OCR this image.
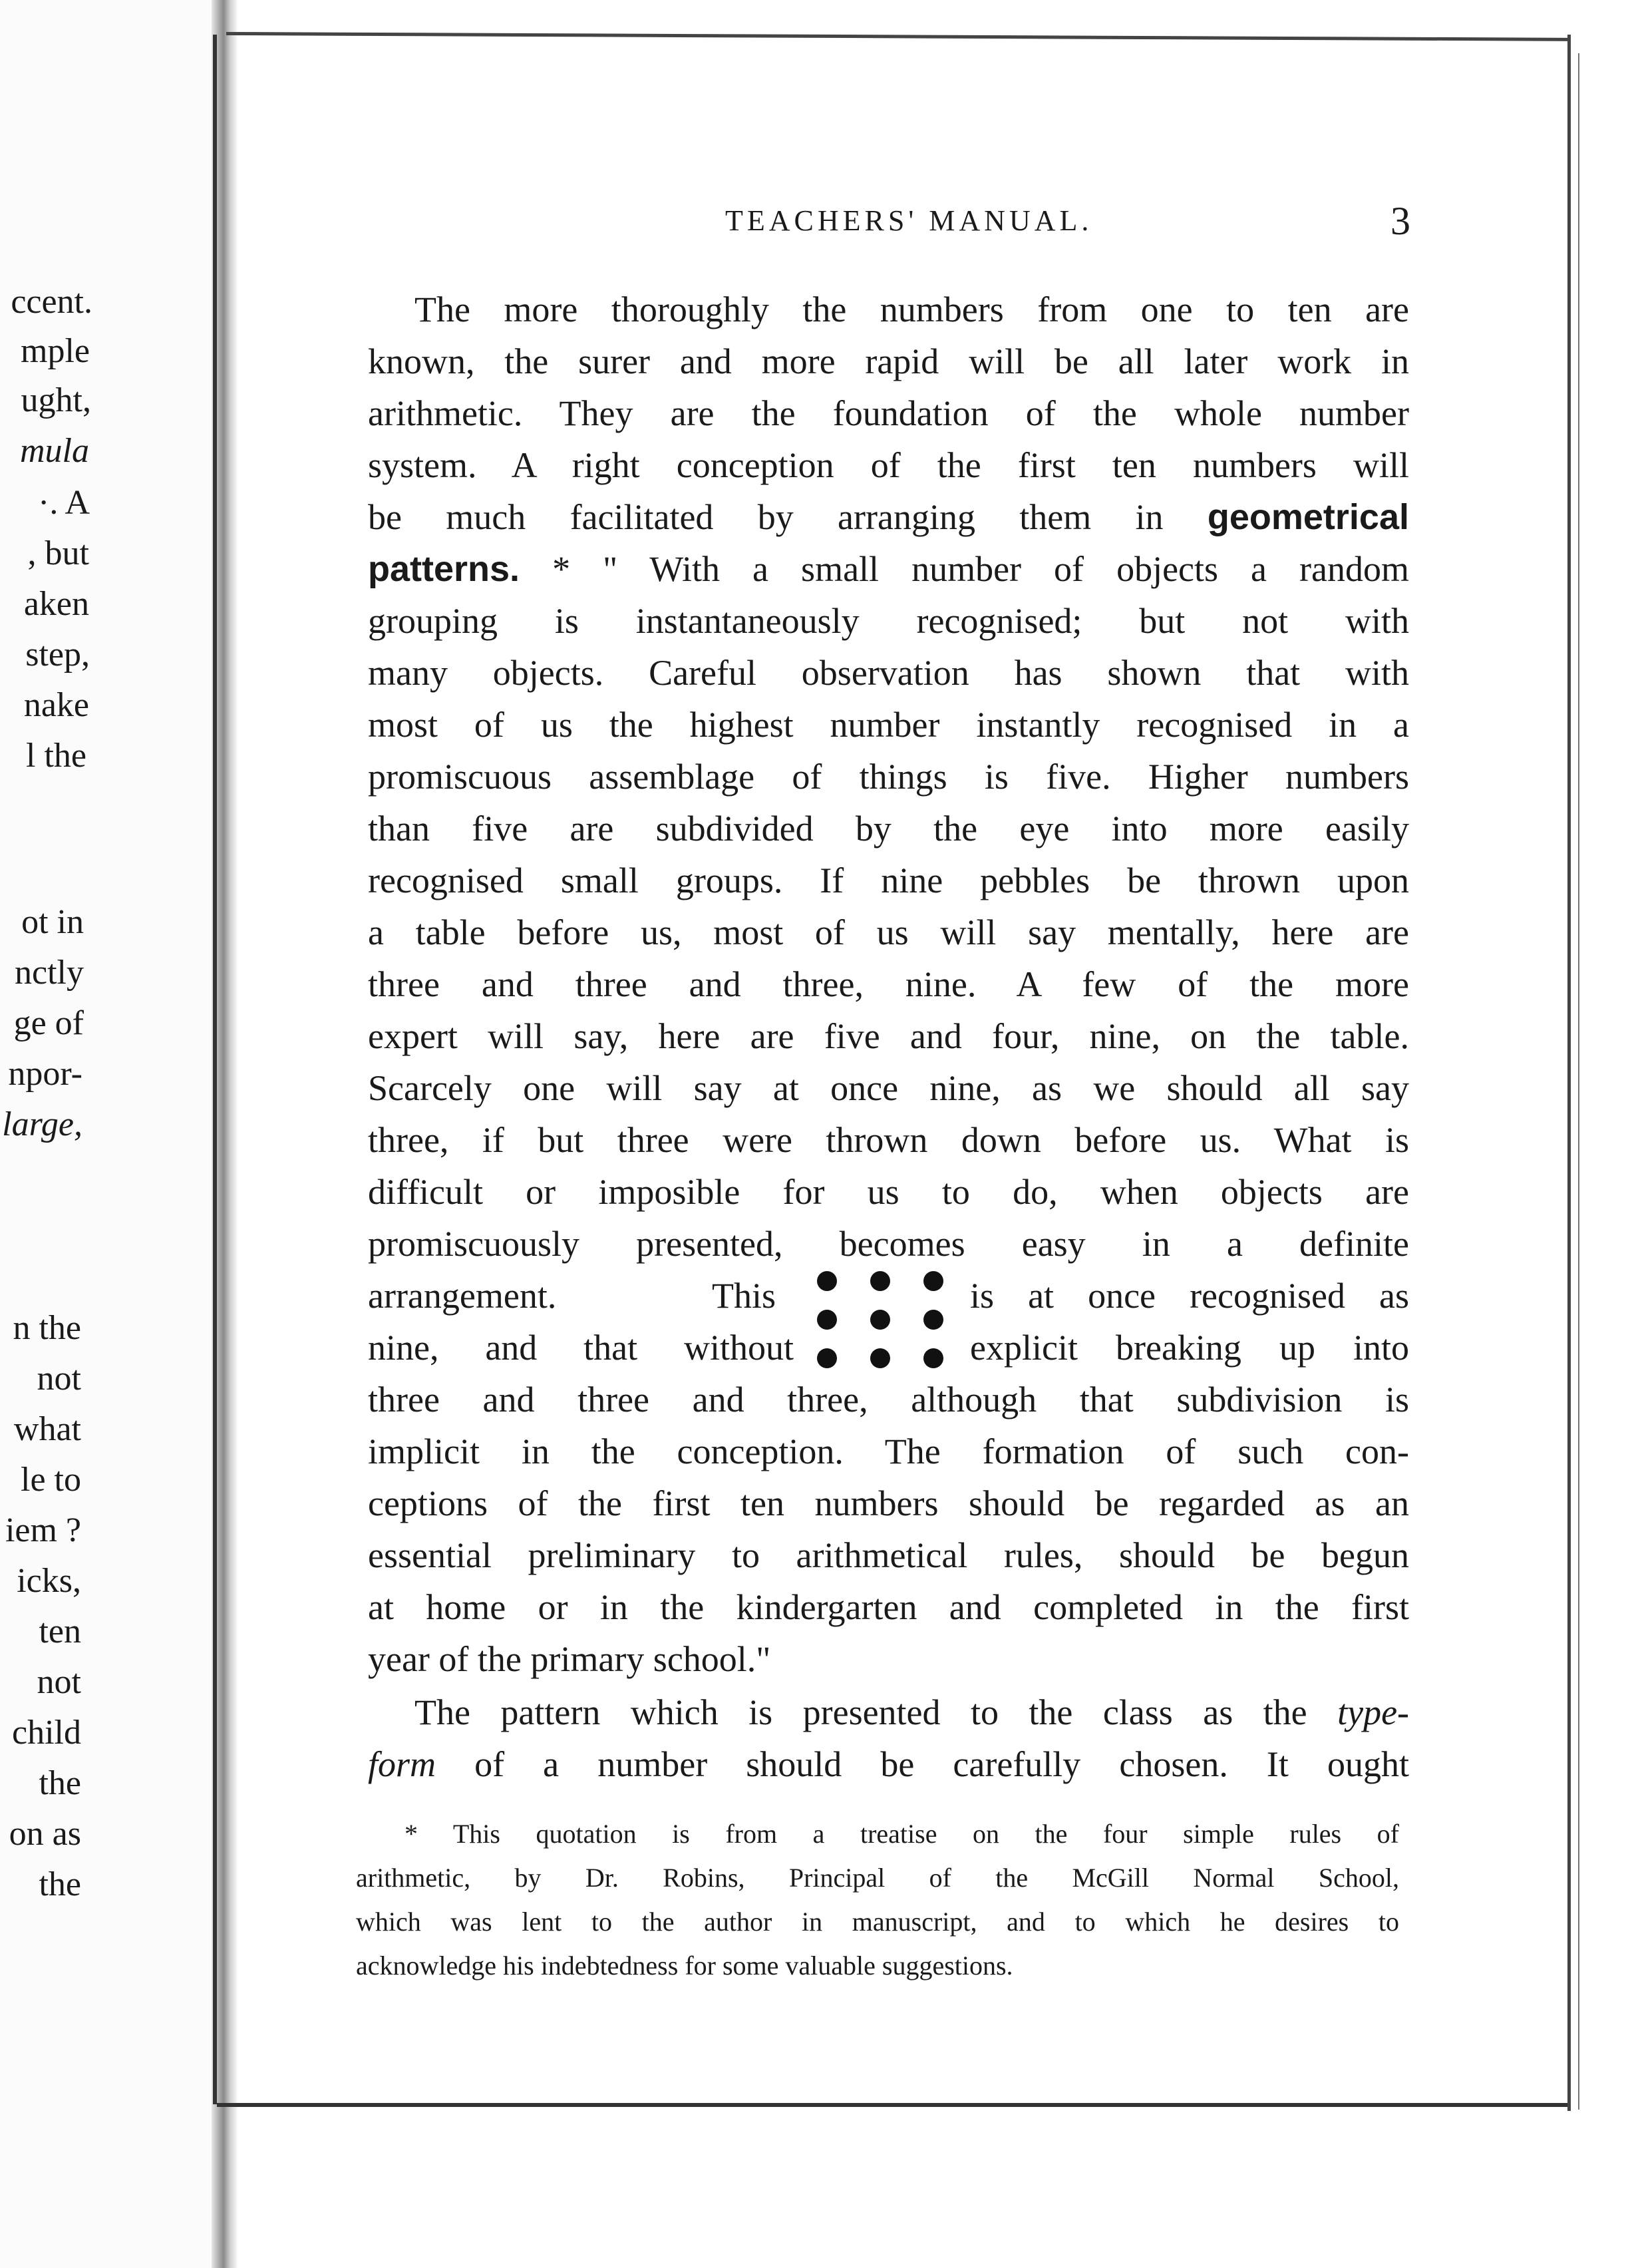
ccent.
mple
ught,
mula
·. A
, but
aken
step,
nake
l the
ot in
nctly
ge of
npor-
large,
n the
not
what
le to
iem ?
icks,
ten
not
child
the
on as
the
TEACHERS' MANUAL.	3
The more thoroughly the numbers from one to ten are
known, the surer and more rapid will be all later work in
arithmetic. They are the foundation of the whole number
system. A right conception of the first ten numbers will
be much facilitated by arranging them in geometrical
patterns. * " With a small number of objects a random
grouping is instantaneously recognised; but not with
many objects. Careful observation has shown that with
most of us the highest number instantly recognised in a
promiscuous assemblage of things is five. Higher numbers
than five are subdivided by the eye into more easily
recognised small groups. If nine pebbles be thrown upon
a table before us, most of us will say mentally, here are
three and three and three, nine. A few of the more
expert will say, here are five and four, nine, on the table.
Scarcely one will say at once nine, as we should all say
three, if but three were thrown down before us. What is
difficult or imposible for us to do, when objects are
promiscuously presented, becomes easy in a definite
arrangement.	This	is at once recognised as
nine, and that without	explicit breaking up into
three and three and three, although that subdivision is
implicit in the conception. The formation of such con-
ceptions of the first ten numbers should be regarded as an
essential preliminary to arithmetical rules, should be begun
at home or in the kindergarten and completed in the first
year of the primary school."
The pattern which is presented to the class as the type-
form of a number should be carefully chosen. It ought
* This quotation is from a treatise on the four simple rules of
arithmetic, by Dr. Robins, Principal of the McGill Normal School,
which was lent to the author in manuscript, and to which he desires to
acknowledge his indebtedness for some valuable suggestions.
